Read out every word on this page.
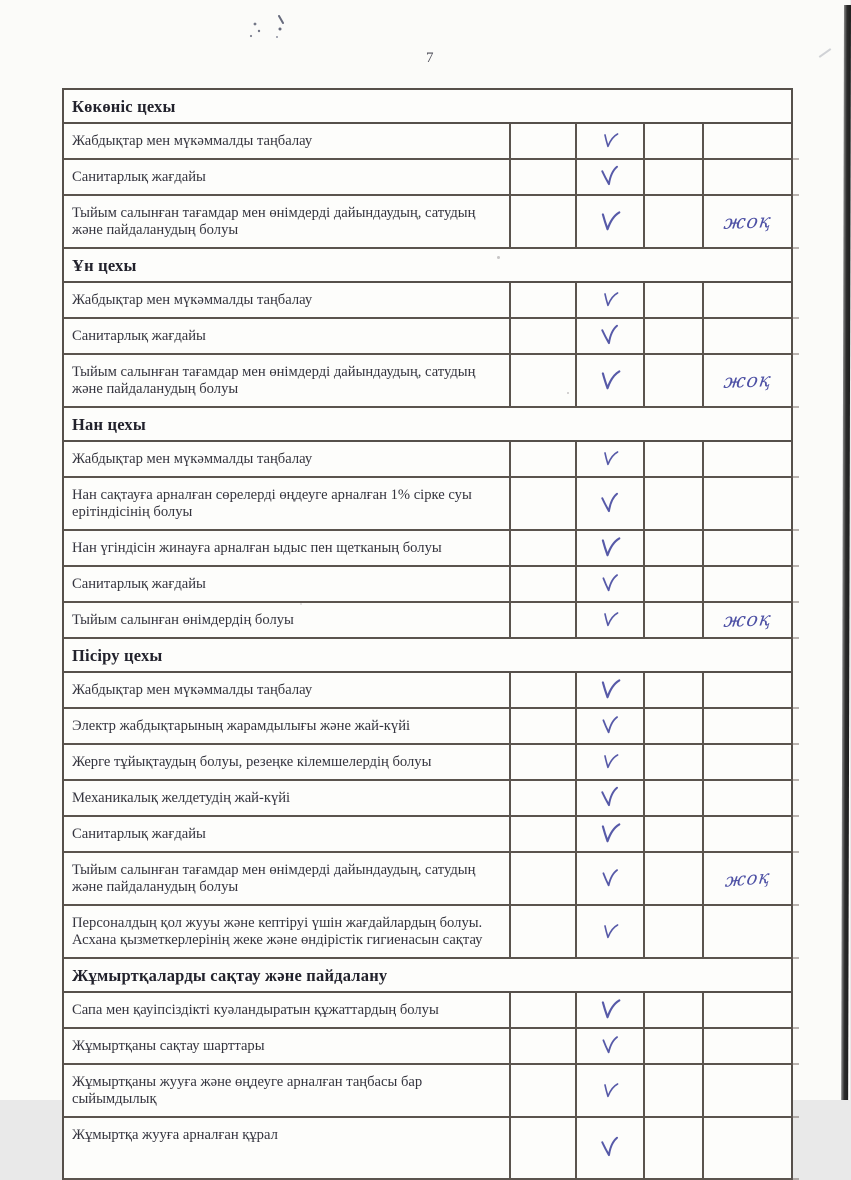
7
Көкөніс цехы
Жабдықтар мен мүкәммалды таңбалау
Санитарлық жағдайы
Тыйым салынған тағамдар мен өнімдерді дайындаудың, сатудың және пайдаланудың болуы	жоқ
Ұн цехы
Жабдықтар мен мүкәммалды таңбалау
Санитарлық жағдайы
Тыйым салынған тағамдар мен өнімдерді дайындаудың, сатудың және пайдаланудың болуы	жоқ
Нан цехы
Жабдықтар мен мүкәммалды таңбалау
Нан сақтауға арналған сөрелерді өңдеуге арналған 1% сірке суы ерітіндісінің болуы
Нан үгіндісін жинауға арналған ыдыс пен щетканың болуы
Санитарлық жағдайы
Тыйым салынған өнімдердің болуы	жоқ
Пісіру цехы
Жабдықтар мен мүкәммалды таңбалау
Электр жабдықтарының жарамдылығы және жай-күйі
Жерге тұйықтаудың болуы, резеңке кілемшелердің болуы
Механикалық желдетудің жай-күйі
Санитарлық жағдайы
Тыйым салынған тағамдар мен өнімдерді дайындаудың, сатудың және пайдаланудың болуы	жоқ
Персоналдың қол жууы және кептіруі үшін жағдайлардың болуы. Асхана қызметкерлерінің жеке және өндірістік гигиенасын сақтау
Жұмыртқаларды сақтау және пайдалану
Сапа мен қауіпсіздікті куәландыратын құжаттардың болуы
Жұмыртқаны сақтау шарттары
Жұмыртқаны жууға және өңдеуге арналған таңбасы бар сыйымдылық
Жұмыртқа жууға арналған құрал
